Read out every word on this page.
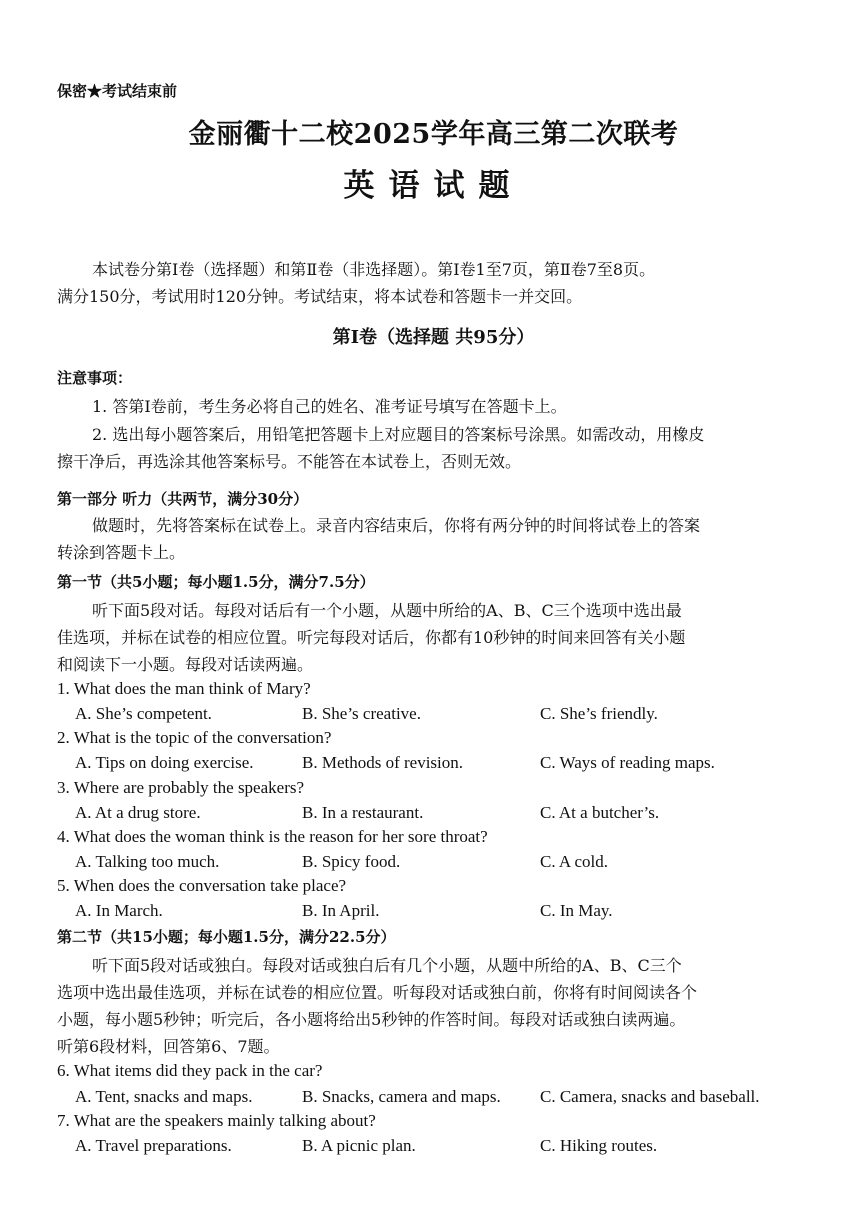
保密★考试结束前
金丽衢十二校2025学年高三第二次联考
英语试题
本试卷分第Ⅰ卷（选择题）和第Ⅱ卷（非选择题）。第Ⅰ卷1至7页，第Ⅱ卷7至8页。
满分150分，考试用时120分钟。考试结束，将本试卷和答题卡一并交回。
第Ⅰ卷（选择题 共95分）
注意事项：
1. 答第Ⅰ卷前，考生务必将自己的姓名、准考证号填写在答题卡上。
2. 选出每小题答案后，用铅笔把答题卡上对应题目的答案标号涂黑。如需改动，用橡皮
擦干净后，再选涂其他答案标号。不能答在本试卷上，否则无效。
第一部分 听力（共两节，满分30分）
做题时，先将答案标在试卷上。录音内容结束后，你将有两分钟的时间将试卷上的答案
转涂到答题卡上。
第一节（共5小题；每小题1.5分，满分7.5分）
听下面5段对话。每段对话后有一个小题，从题中所给的A、B、C三个选项中选出最
佳选项，并标在试卷的相应位置。听完每段对话后，你都有10秒钟的时间来回答有关小题
和阅读下一小题。每段对话读两遍。
1. What does the man think of Mary?
A. She’s competent.	B. She’s creative.	C. She’s friendly.
2. What is the topic of the conversation?
A. Tips on doing exercise.	B. Methods of revision.	C. Ways of reading maps.
3. Where are probably the speakers?
A. At a drug store.	B. In a restaurant.	C. At a butcher’s.
4. What does the woman think is the reason for her sore throat?
A. Talking too much.	B. Spicy food.	C. A cold.
5. When does the conversation take place?
A. In March.	B. In April.	C. In May.
第二节（共15小题；每小题1.5分，满分22.5分）
听下面5段对话或独白。每段对话或独白后有几个小题，从题中所给的A、B、C三个
选项中选出最佳选项，并标在试卷的相应位置。听每段对话或独白前，你将有时间阅读各个
小题，每小题5秒钟；听完后，各小题将给出5秒钟的作答时间。每段对话或独白读两遍。
听第6段材料，回答第6、7题。
6. What items did they pack in the car?
A. Tent, snacks and maps.	B. Snacks, camera and maps. C. Camera, snacks and baseball.
7. What are the speakers mainly talking about?
A. Travel preparations.	B. A picnic plan.	C. Hiking routes.
